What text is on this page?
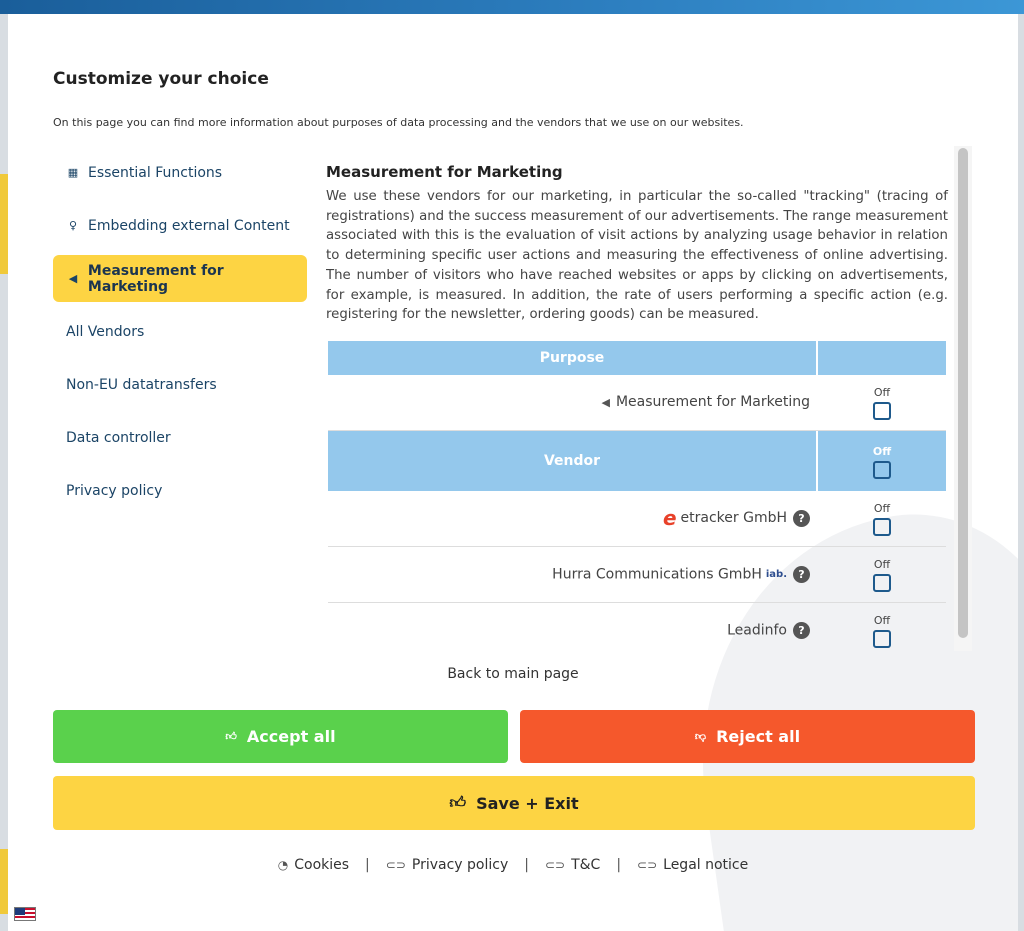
Customize your choice
On this page you can find more information about purposes of data processing and the vendors that we use on our websites.
▦ Essential Functions
♀ Embedding external Content
◀ Measurement for Marketing
All Vendors
Non-EU datatransfers
Data controller
Privacy policy
Measurement for Marketing

We use these vendors for our marketing, in particular the so-called "tracking" (tracing of registrations) and the success measurement of our advertisements. The range measurement associated with this is the evaluation of visit actions by analyzing usage behavior in relation to determining specific user actions and measuring the effectiveness of online advertising. The number of visitors who have reached websites or apps by clicking on advertisements, for example, is measured. In addition, the rate of users performing a specific action (e.g. registering for the newsletter, ordering goods) can be measured.

Purpose	
◀ Measurement for Marketing	Off

Vendor	Off

e etracker GmbH ?	Off

Hurra Communications GmbH iab. ?	Off

Leadinfo ?	Off
Back to main page
👍︎ Accept all	👎︎ Reject all
👍︎ Save + Exit
◔ Cookies | ⊂⊃ Privacy policy | ⊂⊃ T&C | ⊂⊃ Legal notice
